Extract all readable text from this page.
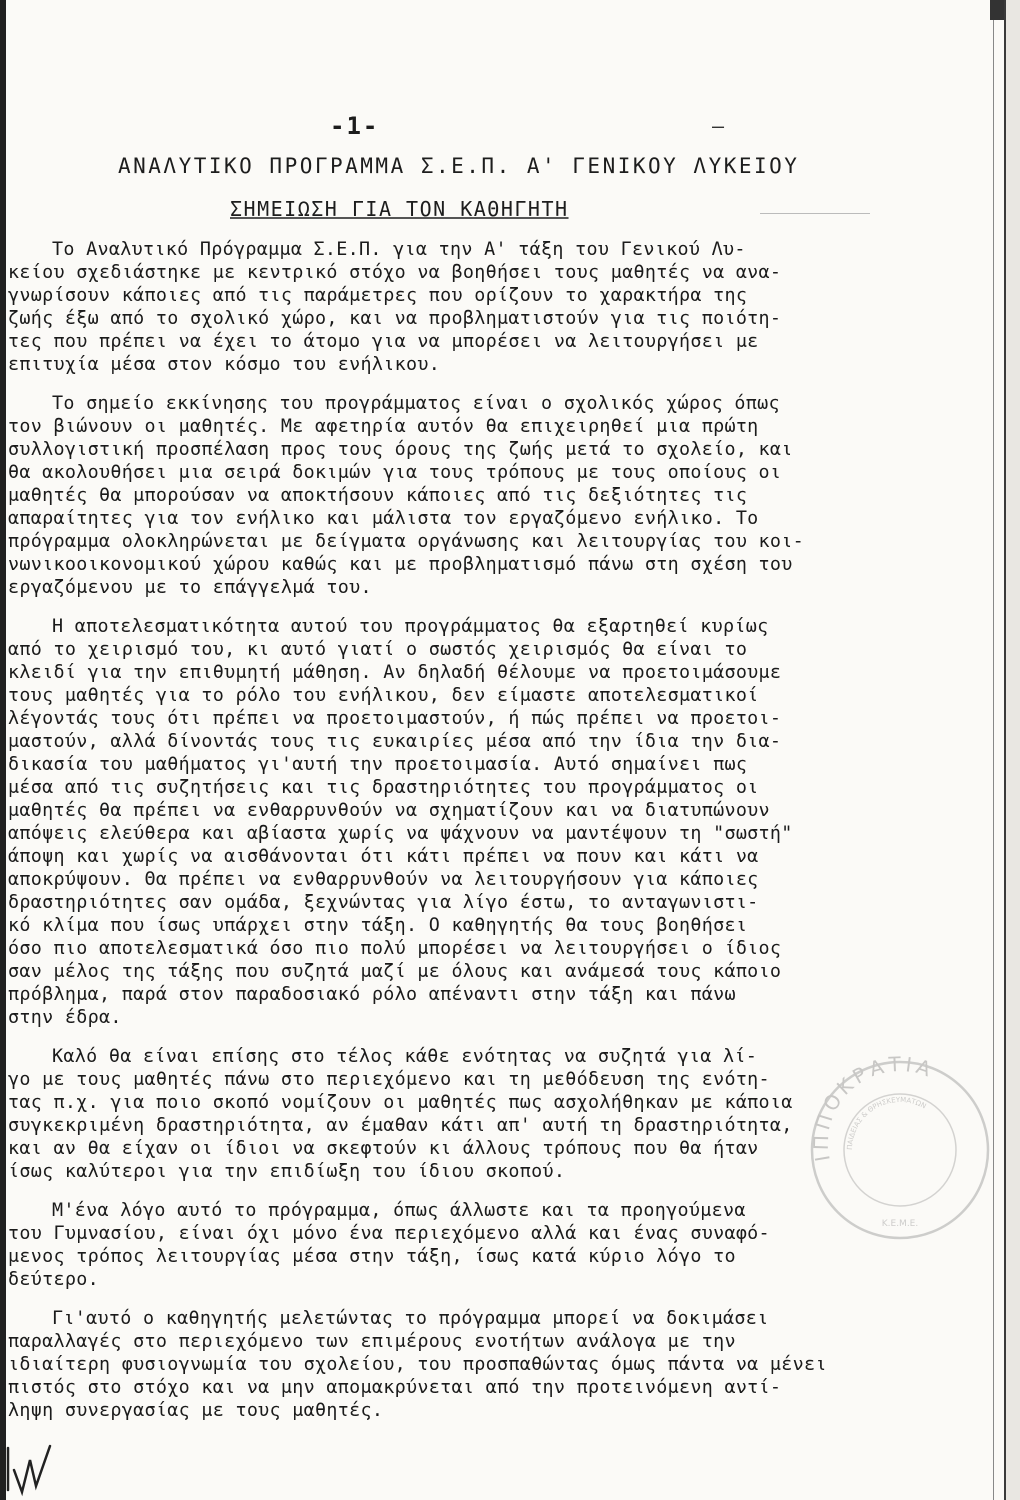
-1-	–
ΑΝΑΛΥΤΙΚΟ ΠΡΟΓΡΑΜΜΑ Σ.Ε.Π. Α' ΓΕΝΙΚΟΥ ΛΥΚΕΙΟΥ
ΣΗΜΕΙΩΣΗ ΓΙΑ ΤΟΝ ΚΑΘΗΓΗΤΗ
Το Αναλυτικό Πρόγραμμα Σ.Ε.Π. για την Α' τάξη του Γενικού Λυ-
κείου σχεδιάστηκε με κεντρικό στόχο να βοηθήσει τους μαθητές να ανα-
γνωρίσουν κάποιες από τις παράμετρες που ορίζουν το χαρακτήρα της
ζωής έξω από το σχολικό χώρο, και να προβληματιστούν για τις ποιότη-
τες που πρέπει να έχει το άτομο για να μπορέσει να λειτουργήσει με
επιτυχία μέσα στον κόσμο του ενήλικου.
Το σημείο εκκίνησης του προγράμματος είναι ο σχολικός χώρος όπως
τον βιώνουν οι μαθητές. Με αφετηρία αυτόν θα επιχειρηθεί μια πρώτη
συλλογιστική προσπέλαση προς τους όρους της ζωής μετά το σχολείο, και
θα ακολουθήσει μια σειρά δοκιμών για τους τρόπους με τους οποίους οι
μαθητές θα μπορούσαν να αποκτήσουν κάποιες από τις δεξιότητες τις
απαραίτητες για τον ενήλικο και μάλιστα τον εργαζόμενο ενήλικο. Το
πρόγραμμα ολοκληρώνεται με δείγματα οργάνωσης και λειτουργίας του κοι-
νωνικοοικονομικού χώρου καθώς και με προβληματισμό πάνω στη σχέση του
εργαζόμενου με το επάγγελμά του.
Η αποτελεσματικότητα αυτού του προγράμματος θα εξαρτηθεί κυρίως
από το χειρισμό του, κι αυτό γιατί ο σωστός χειρισμός θα είναι το
κλειδί για την επιθυμητή μάθηση. Αν δηλαδή θέλουμε να προετοιμάσουμε
τους μαθητές για το ρόλο του ενήλικου, δεν είμαστε αποτελεσματικοί
λέγοντάς τους ότι πρέπει να προετοιμαστούν, ή πώς πρέπει να προετοι-
μαστούν, αλλά δίνοντάς τους τις ευκαιρίες μέσα από την ίδια την δια-
δικασία του μαθήματος γι'αυτή την προετοιμασία. Αυτό σημαίνει πως
μέσα από τις συζητήσεις και τις δραστηριότητες του προγράμματος οι
μαθητές θα πρέπει να ενθαρρυνθούν να σχηματίζουν και να διατυπώνουν
απόψεις ελεύθερα και αβίαστα χωρίς να ψάχνουν να μαντέψουν τη "σωστή"
άποψη και χωρίς να αισθάνονται ότι κάτι πρέπει να πουν και κάτι να
αποκρύψουν. Θα πρέπει να ενθαρρυνθούν να λειτουργήσουν για κάποιες
δραστηριότητες σαν ομάδα, ξεχνώντας για λίγο έστω, το ανταγωνιστι-
κό κλίμα που ίσως υπάρχει στην τάξη. Ο καθηγητής θα τους βοηθήσει
όσο πιο αποτελεσματικά όσο πιο πολύ μπορέσει να λειτουργήσει ο ίδιος
σαν μέλος της τάξης που συζητά μαζί με όλους και ανάμεσά τους κάποιο
πρόβλημα, παρά στον παραδοσιακό ρόλο απέναντι στην τάξη και πάνω
στην έδρα.
Καλό θα είναι επίσης στο τέλος κάθε ενότητας να συζητά για λί-
γο με τους μαθητές πάνω στο περιεχόμενο και τη μεθόδευση της ενότη-
τας π.χ. για ποιο σκοπό νομίζουν οι μαθητές πως ασχολήθηκαν με κάποια
συγκεκριμένη δραστηριότητα, αν έμαθαν κάτι απ' αυτή τη δραστηριότητα,
και αν θα είχαν οι ίδιοι να σκεφτούν κι άλλους τρόπους που θα ήταν
ίσως καλύτεροι για την επιδίωξη του ίδιου σκοπού.
Μ'ένα λόγο αυτό το πρόγραμμα, όπως άλλωστε και τα προηγούμενα
του Γυμνασίου, είναι όχι μόνο ένα περιεχόμενο αλλά και ένας συναφό-
μενος τρόπος λειτουργίας μέσα στην τάξη, ίσως κατά κύριο λόγο το
δεύτερο.
Γι'αυτό ο καθηγητής μελετώντας το πρόγραμμα μπορεί να δοκιμάσει
παραλλαγές στο περιεχόμενο των επιμέρους ενοτήτων ανάλογα με την
ιδιαίτερη φυσιογνωμία του σχολείου, του προσπαθώντας όμως πάντα να μένει
πιστός στο στόχο και να μην απομακρύνεται από την προτεινόμενη αντί-
ληψη συνεργασίας με τους μαθητές.
ΙΠΠΟΚΡΑΤΙΑ
ΠΑΙΔΕΙΑΣ & ΘΡΗΣΚΕΥΜΑΤΩΝ
Κ.Ε.Μ.Ε.
